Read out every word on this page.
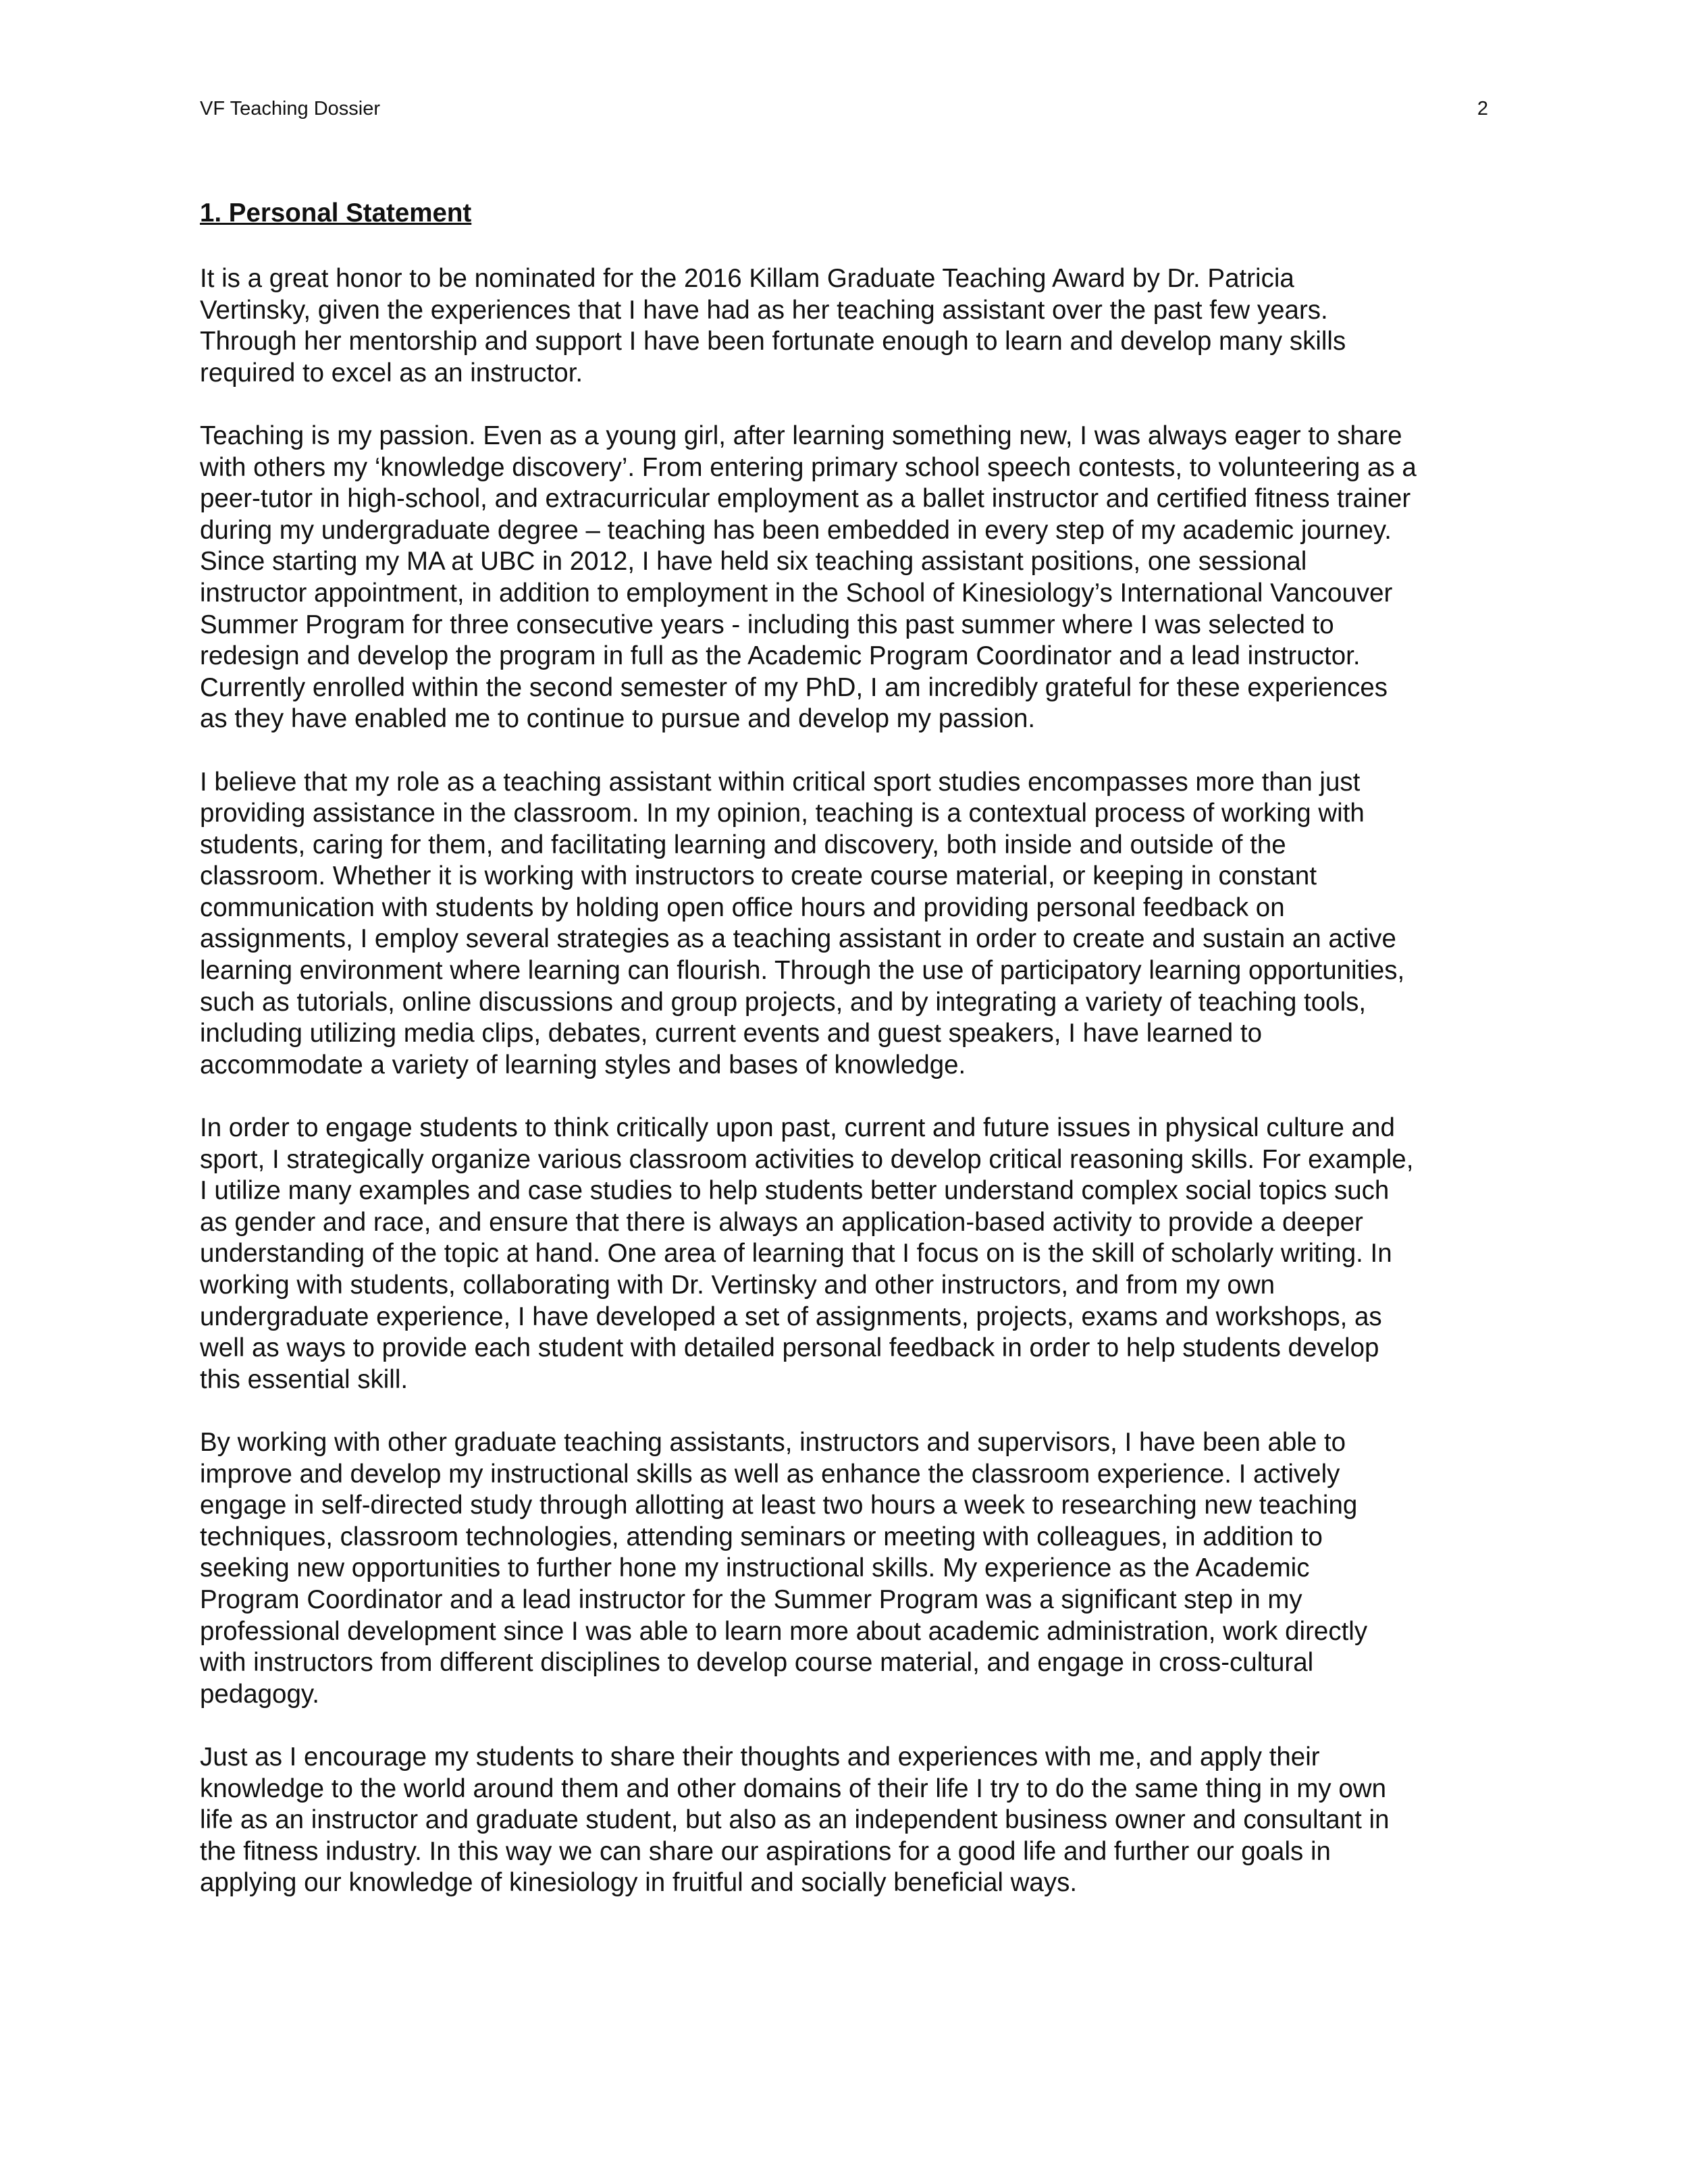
VF Teaching Dossier	2
1. Personal Statement

It is a great honor to be nominated for the 2016 Killam Graduate Teaching Award by Dr. Patricia
Vertinsky, given the experiences that I have had as her teaching assistant over the past few years.
Through her mentorship and support I have been fortunate enough to learn and develop many skills
required to excel as an instructor.

Teaching is my passion. Even as a young girl, after learning something new, I was always eager to share
with others my ‘knowledge discovery’. From entering primary school speech contests, to volunteering as a
peer-tutor in high-school, and extracurricular employment as a ballet instructor and certified fitness trainer
during my undergraduate degree – teaching has been embedded in every step of my academic journey.
Since starting my MA at UBC in 2012, I have held six teaching assistant positions, one sessional
instructor appointment, in addition to employment in the School of Kinesiology’s International Vancouver
Summer Program for three consecutive years - including this past summer where I was selected to
redesign and develop the program in full as the Academic Program Coordinator and a lead instructor.
Currently enrolled within the second semester of my PhD, I am incredibly grateful for these experiences
as they have enabled me to continue to pursue and develop my passion.

I believe that my role as a teaching assistant within critical sport studies encompasses more than just
providing assistance in the classroom. In my opinion, teaching is a contextual process of working with
students, caring for them, and facilitating learning and discovery, both inside and outside of the
classroom. Whether it is working with instructors to create course material, or keeping in constant
communication with students by holding open office hours and providing personal feedback on
assignments, I employ several strategies as a teaching assistant in order to create and sustain an active
learning environment where learning can flourish. Through the use of participatory learning opportunities,
such as tutorials, online discussions and group projects, and by integrating a variety of teaching tools,
including utilizing media clips, debates, current events and guest speakers, I have learned to
accommodate a variety of learning styles and bases of knowledge.

In order to engage students to think critically upon past, current and future issues in physical culture and
sport, I strategically organize various classroom activities to develop critical reasoning skills. For example,
I utilize many examples and case studies to help students better understand complex social topics such
as gender and race, and ensure that there is always an application-based activity to provide a deeper
understanding of the topic at hand. One area of learning that I focus on is the skill of scholarly writing. In
working with students, collaborating with Dr. Vertinsky and other instructors, and from my own
undergraduate experience, I have developed a set of assignments, projects, exams and workshops, as
well as ways to provide each student with detailed personal feedback in order to help students develop
this essential skill.

By working with other graduate teaching assistants, instructors and supervisors, I have been able to
improve and develop my instructional skills as well as enhance the classroom experience. I actively
engage in self-directed study through allotting at least two hours a week to researching new teaching
techniques, classroom technologies, attending seminars or meeting with colleagues, in addition to
seeking new opportunities to further hone my instructional skills. My experience as the Academic
Program Coordinator and a lead instructor for the Summer Program was a significant step in my
professional development since I was able to learn more about academic administration, work directly
with instructors from different disciplines to develop course material, and engage in cross-cultural
pedagogy.

Just as I encourage my students to share their thoughts and experiences with me, and apply their
knowledge to the world around them and other domains of their life I try to do the same thing in my own
life as an instructor and graduate student, but also as an independent business owner and consultant in
the fitness industry. In this way we can share our aspirations for a good life and further our goals in
applying our knowledge of kinesiology in fruitful and socially beneficial ways.
